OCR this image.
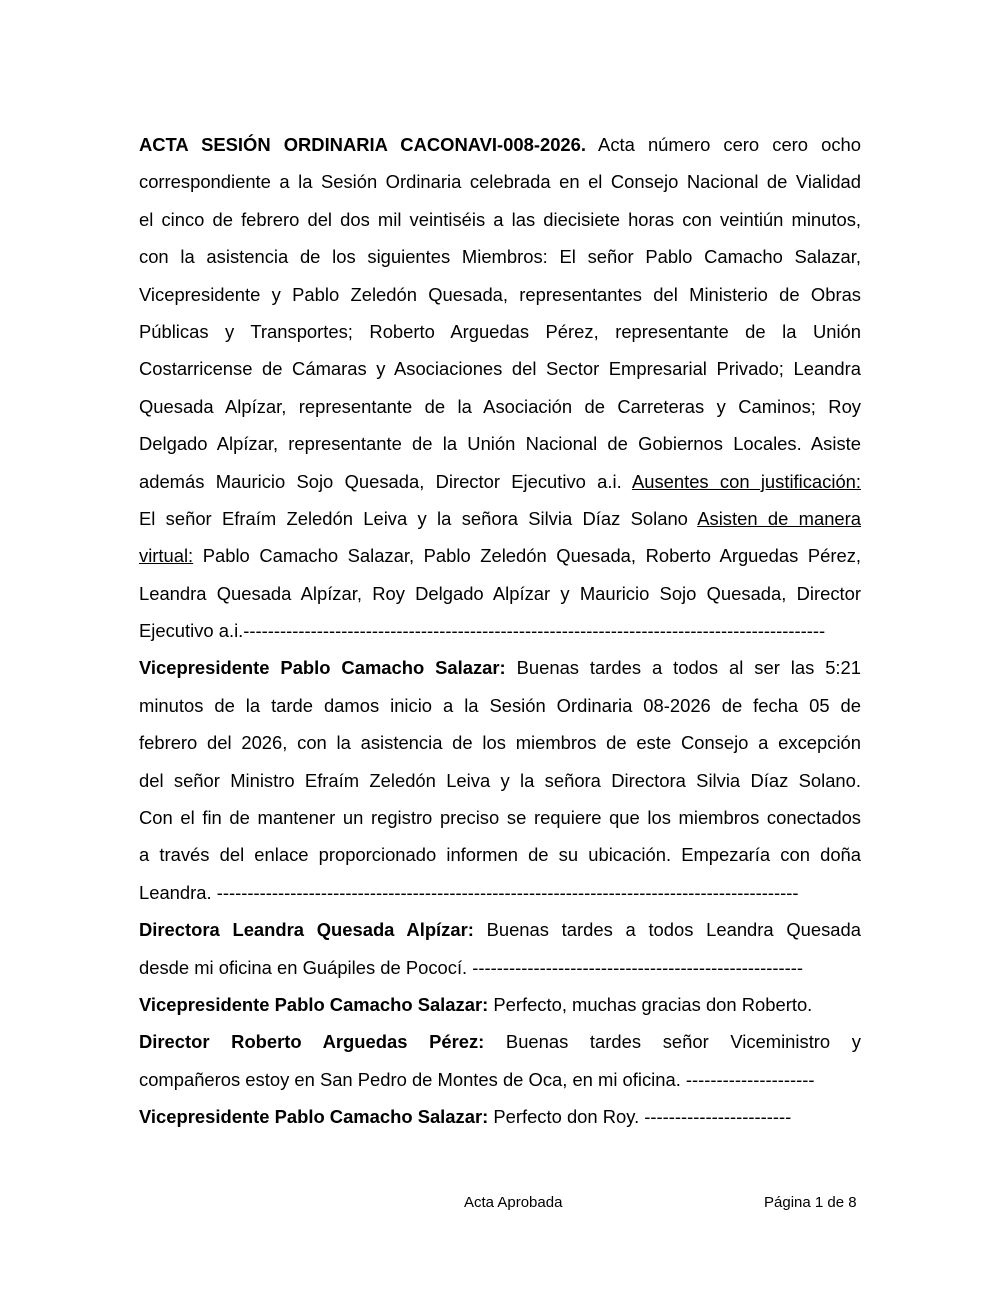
ACTA SESIÓN ORDINARIA CACONAVI-008-2026. Acta número cero cero ocho
correspondiente a la Sesión Ordinaria celebrada en el Consejo Nacional de Vialidad
el cinco de febrero del dos mil veintiséis a las diecisiete horas con veintiún minutos,
con la asistencia de los siguientes Miembros: El señor Pablo Camacho Salazar,
Vicepresidente y Pablo Zeledón Quesada, representantes del Ministerio de Obras
Públicas y Transportes; Roberto Arguedas Pérez, representante de la Unión
Costarricense de Cámaras y Asociaciones del Sector Empresarial Privado; Leandra
Quesada Alpízar, representante de la Asociación de Carreteras y Caminos; Roy
Delgado Alpízar, representante de la Unión Nacional de Gobiernos Locales. Asiste
además Mauricio Sojo Quesada, Director Ejecutivo a.i. Ausentes con justificación:
El señor Efraím Zeledón Leiva y la señora Silvia Díaz Solano Asisten de manera
virtual: Pablo Camacho Salazar, Pablo Zeledón Quesada, Roberto Arguedas Pérez,
Leandra Quesada Alpízar, Roy Delgado Alpízar y Mauricio Sojo Quesada, Director
Ejecutivo a.i.-----------------------------------------------------------------------------------------------
Vicepresidente Pablo Camacho Salazar: Buenas tardes a todos al ser las 5:21
minutos de la tarde damos inicio a la Sesión Ordinaria 08-2026 de fecha 05 de
febrero del 2026, con la asistencia de los miembros de este Consejo a excepción
del señor Ministro Efraím Zeledón Leiva y la señora Directora Silvia Díaz Solano.
Con el fin de mantener un registro preciso se requiere que los miembros conectados
a través del enlace proporcionado informen de su ubicación. Empezaría con doña
Leandra. -----------------------------------------------------------------------------------------------
Directora Leandra Quesada Alpízar: Buenas tardes a todos Leandra Quesada
desde mi oficina en Guápiles de Pococí. ------------------------------------------------------
Vicepresidente Pablo Camacho Salazar: Perfecto, muchas gracias don Roberto.
Director Roberto Arguedas Pérez: Buenas tardes señor Viceministro y
compañeros estoy en San Pedro de Montes de Oca, en mi oficina. ---------------------
Vicepresidente Pablo Camacho Salazar: Perfecto don Roy. ------------------------
Acta Aprobada	Página 1 de 8
